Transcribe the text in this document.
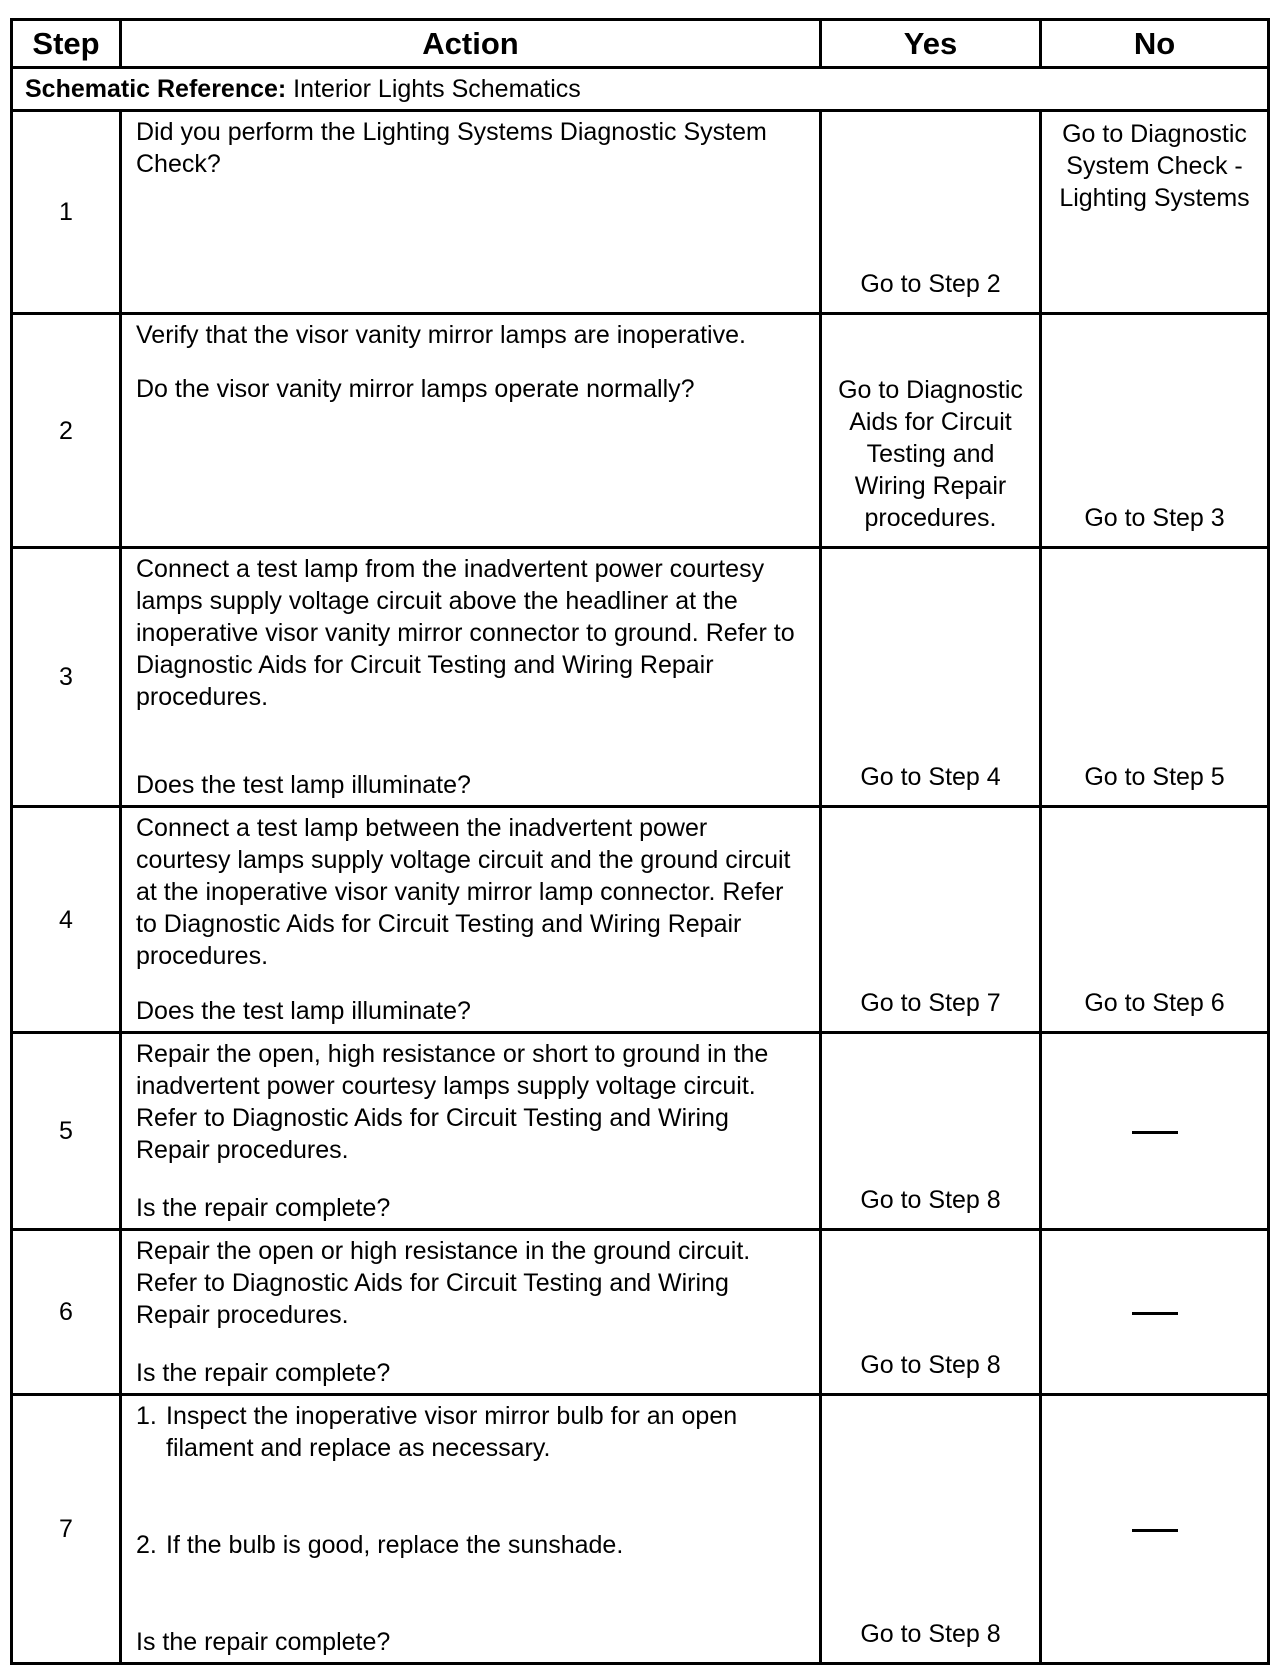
Step	Action	Yes	No
Schematic Reference: Interior Lights Schematics			
1	Did you perform the Lighting Systems Diagnostic System Check?	Go to Step 2	Go to Diagnostic System Check - Lighting Systems
2	Verify that the visor vanity mirror lamps are inoperative.

Do the visor vanity mirror lamps operate normally?	Go to Diagnostic Aids for Circuit Testing and Wiring Repair procedures.	Go to Step 3
3	Connect a test lamp from the inadvertent power courtesy lamps supply voltage circuit above the headliner at the inoperative visor vanity mirror connector to ground. Refer to Diagnostic Aids for Circuit Testing and Wiring Repair procedures.

Does the test lamp illuminate?	Go to Step 4	Go to Step 5
4	Connect a test lamp between the inadvertent power courtesy lamps supply voltage circuit and the ground circuit at the inoperative visor vanity mirror lamp connector. Refer to Diagnostic Aids for Circuit Testing and Wiring Repair procedures.

Does the test lamp illuminate?	Go to Step 7	Go to Step 6
5	Repair the open, high resistance or short to ground in the inadvertent power courtesy lamps supply voltage circuit. Refer to Diagnostic Aids for Circuit Testing and Wiring Repair procedures.

Is the repair complete?	Go to Step 8	
6	Repair the open or high resistance in the ground circuit. Refer to Diagnostic Aids for Circuit Testing and Wiring Repair procedures.

Is the repair complete?	Go to Step 8	
7	1. Inspect the inoperative visor mirror bulb for an open filament and replace as necessary.
2. If the bulb is good, replace the sunshade.

Is the repair complete?	Go to Step 8	
